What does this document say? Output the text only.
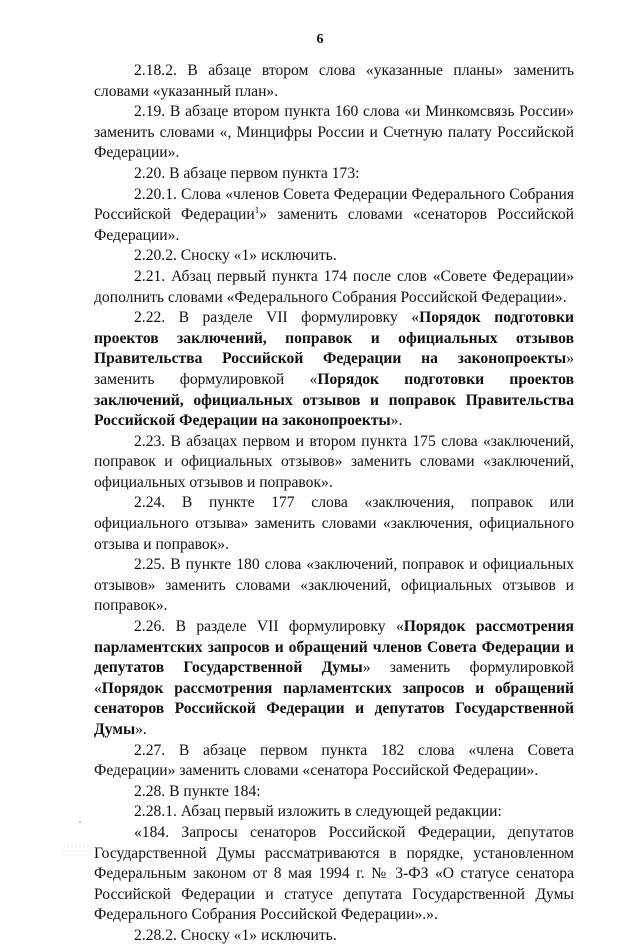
6

2.18.2. В абзаце втором слова «указанные планы» заменить словами «указанный план».

2.19. В абзаце втором пункта 160 слова «и Минкомсвязь России» заменить словами «, Минцифры России и Счетную палату Российской Федерации».

2.20. В абзаце первом пункта 173:

2.20.1. Слова «членов Совета Федерации Федерального Собрания Российской Федерации$^1$» заменить словами «сенаторов Российской Федерации».

2.20.2. Сноску «1» исключить.

2.21. Абзац первый пункта 174 после слов «Совете Федерации» дополнить словами «Федерального Собрания Российской Федерации».

2.22. В разделе VII формулировку «Порядок подготовки проектов заключений, поправок и официальных отзывов Правительства Российской Федерации на законопроекты» заменить формулировкой «Порядок подготовки проектов заключений, официальных отзывов и поправок Правительства Российской Федерации на законопроекты».

2.23. В абзацах первом и втором пункта 175 слова «заключений, поправок и официальных отзывов» заменить словами «заключений, официальных отзывов и поправок».

2.24. В пункте 177 слова «заключения, поправок или официального отзыва» заменить словами «заключения, официального отзыва и поправок».

2.25. В пункте 180 слова «заключений, поправок и официальных отзывов» заменить словами «заключений, официальных отзывов и поправок».

2.26. В разделе VII формулировку «Порядок рассмотрения парламентских запросов и обращений членов Совета Федерации и депутатов Государственной Думы» заменить формулировкой «Порядок рассмотрения парламентских запросов и обращений сенаторов Российской Федерации и депутатов Государственной Думы».

2.27. В абзаце первом пункта 182 слова «члена Совета Федерации» заменить словами «сенатора Российской Федерации».

2.28. В пункте 184:

2.28.1. Абзац первый изложить в следующей редакции:

«184. Запросы сенаторов Российской Федерации, депутатов Государственной Думы рассматриваются в порядке, установленном Федеральным законом от 8 мая 1994 г. № 3-ФЗ «О статусе сенатора Российской Федерации и статусе депутата Государственной Думы Федерального Собрания Российской Федерации».».

2.28.2. Сноску «1» исключить.

·
